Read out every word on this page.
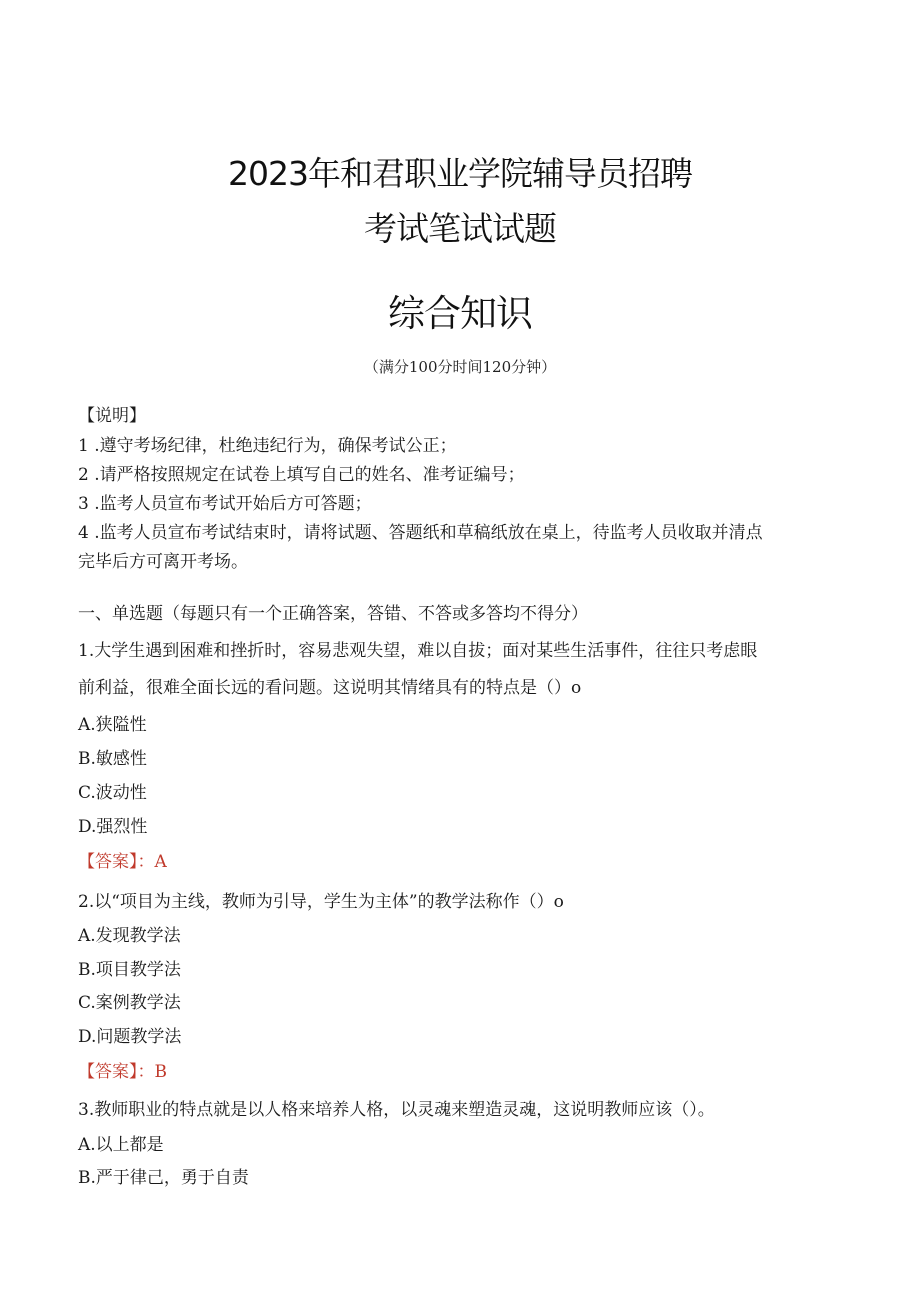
2023年和君职业学院辅导员招聘
考试笔试试题
综合知识
（满分100分时间120分钟）
【说明】
1 .遵守考场纪律，杜绝违纪行为，确保考试公正；
2 .请严格按照规定在试卷上填写自己的姓名、准考证编号；
3 .监考人员宣布考试开始后方可答题；
4 .监考人员宣布考试结束时，请将试题、答题纸和草稿纸放在桌上，待监考人员收取并清点
完毕后方可离开考场。
一、单选题（每题只有一个正确答案，答错、不答或多答均不得分）
1.大学生遇到困难和挫折时，容易悲观失望，难以自拔；面对某些生活事件，往往只考虑眼
前利益，很难全面长远的看问题。这说明其情绪具有的特点是（）o
A.狭隘性
B.敏感性
C.波动性
D.强烈性
【答案】：A
2.以“项目为主线，教师为引导，学生为主体”的教学法称作（）o
A.发现教学法
B.项目教学法
C.案例教学法
D.问题教学法
【答案】：B
3.教师职业的特点就是以人格来培养人格，以灵魂来塑造灵魂，这说明教师应该（）。
A.以上都是
B.严于律己，勇于自责
